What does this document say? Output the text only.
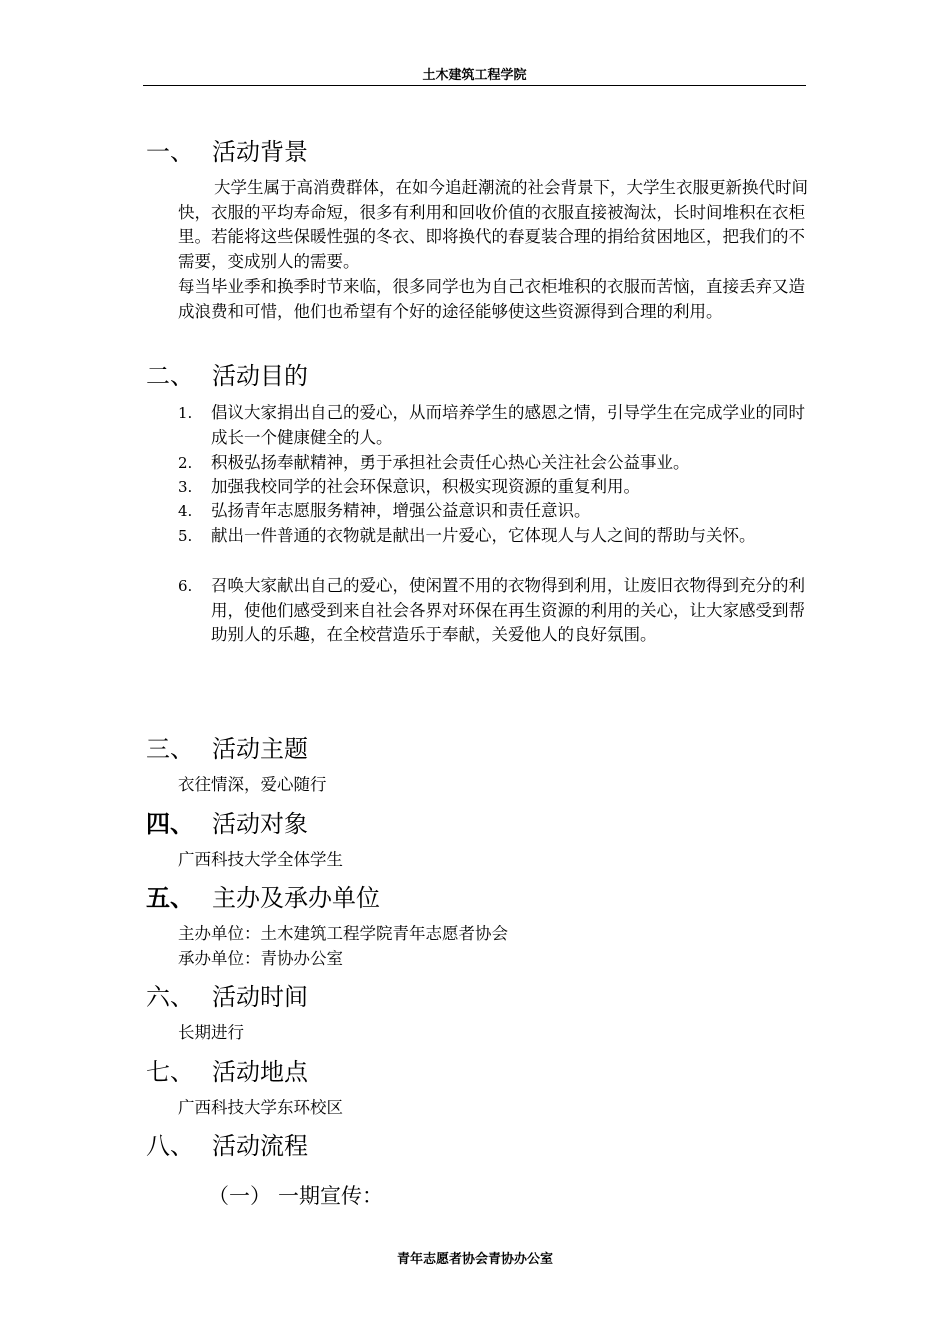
土木建筑工程学院
一、 活动背景
大学生属于高消费群体，在如今追赶潮流的社会背景下，大学生衣服更新换代时间快，衣服的平均寿命短，很多有利用和回收价值的衣服直接被淘汰，长时间堆积在衣柜里。若能将这些保暖性强的冬衣、即将换代的春夏装合理的捐给贫困地区，把我们的不需要，变成别人的需要。
每当毕业季和换季时节来临，很多同学也为自己衣柜堆积的衣服而苦恼，直接丢弃又造成浪费和可惜，他们也希望有个好的途径能够使这些资源得到合理的利用。
二、 活动目的
1.	倡议大家捐出自己的爱心，从而培养学生的感恩之情，引导学生在完成学业的同时成长一个健康健全的人。
2.	积极弘扬奉献精神，勇于承担社会责任心热心关注社会公益事业。
3.	加强我校同学的社会环保意识，积极实现资源的重复利用。
4.	弘扬青年志愿服务精神，增强公益意识和责任意识。
5.	献出一件普通的衣物就是献出一片爱心，它体现人与人之间的帮助与关怀。
6.	召唤大家献出自己的爱心，使闲置不用的衣物得到利用，让废旧衣物得到充分的利用，使他们感受到来自社会各界对环保在再生资源的利用的关心，让大家感受到帮助别人的乐趣，在全校营造乐于奉献，关爱他人的良好氛围。
三、 活动主题
衣往情深，爱心随行
四、 活动对象
广西科技大学全体学生
五、 主办及承办单位
主办单位：土木建筑工程学院青年志愿者协会
承办单位：青协办公室
六、 活动时间
长期进行
七、 活动地点
广西科技大学东环校区
八、 活动流程
（一） 一期宣传：
青年志愿者协会青协办公室
